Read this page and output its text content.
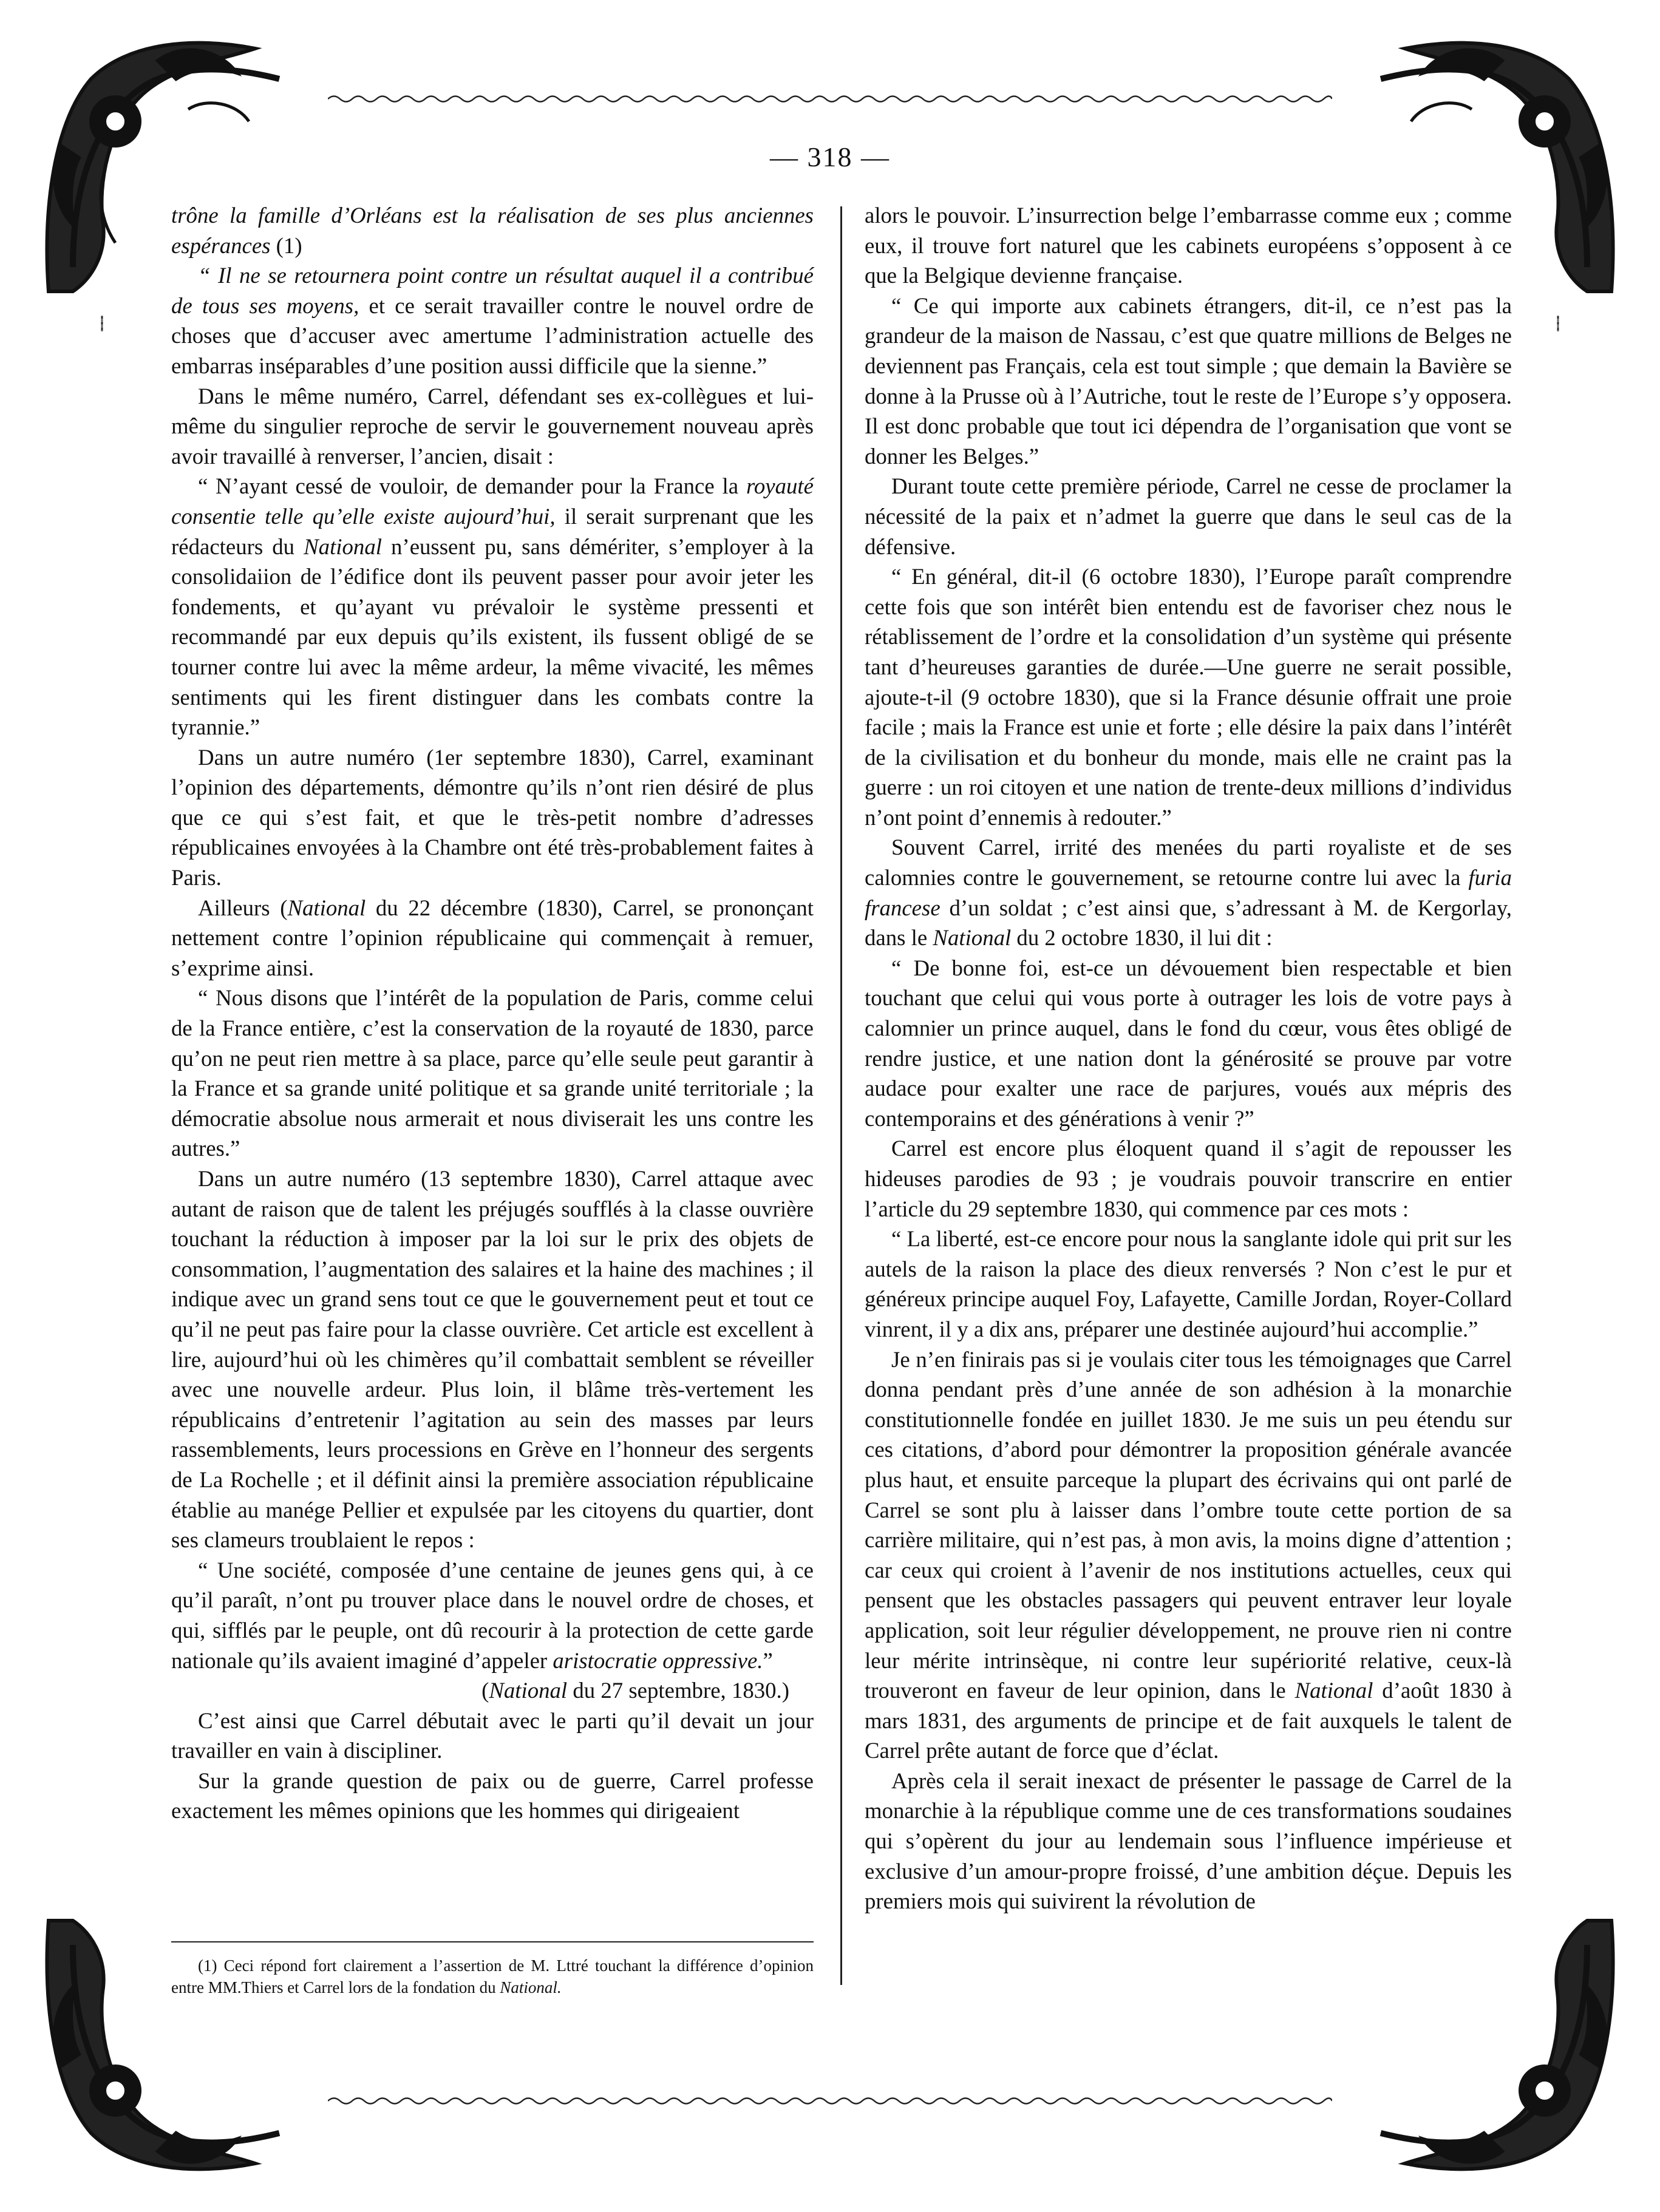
— 318 —

trône la famille d’Orléans est la réalisation de ses plus anciennes espérances (1)

“ Il ne se retournera point contre un résultat auquel il a contribué de tous ses moyens, et ce serait travailler contre le nouvel ordre de choses que d’accuser avec amertume l’administration actuelle des embarras inséparables d’une position aussi difficile que la sienne.”

Dans le même numéro, Carrel, défendant ses ex-collègues et lui-même du singulier reproche de servir le gouvernement nouveau après avoir travaillé à renverser, l’ancien, disait :

“ N’ayant cessé de vouloir, de demander pour la France la royauté consentie telle qu’elle existe aujourd’hui, il serait surprenant que les rédacteurs du National n’eussent pu, sans démériter, s’employer à la consolidaiion de l’édifice dont ils peuvent passer pour avoir jeter les fondements, et qu’ayant vu prévaloir le système pressenti et recommandé par eux depuis qu’ils existent, ils fussent obligé de se tourner contre lui avec la même ardeur, la même vivacité, les mêmes sentiments qui les firent distinguer dans les combats contre la tyrannie.”

Dans un autre numéro (1er septembre 1830), Carrel, examinant l’opinion des départements, démontre qu’ils n’ont rien désiré de plus que ce qui s’est fait, et que le très-petit nombre d’adresses républicaines envoyées à la Chambre ont été très-probablement faites à Paris.

Ailleurs (National du 22 décembre (1830), Carrel, se prononçant nettement contre l’opinion républicaine qui commençait à remuer, s’exprime ainsi.

“ Nous disons que l’intérêt de la population de Paris, comme celui de la France entière, c’est la conservation de la royauté de 1830, parce qu’on ne peut rien mettre à sa place, parce qu’elle seule peut garantir à la France et sa grande unité politique et sa grande unité territoriale ; la démocratie absolue nous armerait et nous diviserait les uns contre les autres.”

Dans un autre numéro (13 septembre 1830), Carrel attaque avec autant de raison que de talent les préjugés soufflés à la classe ouvrière touchant la réduction à imposer par la loi sur le prix des objets de consommation, l’augmentation des salaires et la haine des machines ; il indique avec un grand sens tout ce que le gouvernement peut et tout ce qu’il ne peut pas faire pour la classe ouvrière. Cet article est excellent à lire, aujourd’hui où les chimères qu’il combattait semblent se réveiller avec une nouvelle ardeur. Plus loin, il blâme très-vertement les républicains d’entretenir l’agitation au sein des masses par leurs rassemblements, leurs processions en Grève en l’honneur des sergents de La Rochelle ; et il définit ainsi la première association républicaine établie au manége Pellier et expulsée par les citoyens du quartier, dont ses clameurs troublaient le repos :

“ Une société, composée d’une centaine de jeunes gens qui, à ce qu’il paraît, n’ont pu trouver place dans le nouvel ordre de choses, et qui, sifflés par le peuple, ont dû recourir à la protection de cette garde nationale qu’ils avaient imaginé d’appeler aristocratie oppressive.”

(National du 27 septembre, 1830.)

C’est ainsi que Carrel débutait avec le parti qu’il devait un jour travailler en vain à discipliner.

Sur la grande question de paix ou de guerre, Carrel professe exactement les mêmes opinions que les hommes qui dirigeaient

alors le pouvoir. L’insurrection belge l’embarrasse comme eux ; comme eux, il trouve fort naturel que les cabinets européens s’opposent à ce que la Belgique devienne française.

“ Ce qui importe aux cabinets étrangers, dit-il, ce n’est pas la grandeur de la maison de Nassau, c’est que quatre millions de Belges ne deviennent pas Français, cela est tout simple ; que demain la Bavière se donne à la Prusse où à l’Autriche, tout le reste de l’Europe s’y opposera. Il est donc probable que tout ici dépendra de l’organisation que vont se donner les Belges.”

Durant toute cette première période, Carrel ne cesse de proclamer la nécessité de la paix et n’admet la guerre que dans le seul cas de la défensive.

“ En général, dit-il (6 octobre 1830), l’Europe paraît comprendre cette fois que son intérêt bien entendu est de favoriser chez nous le rétablissement de l’ordre et la consolidation d’un système qui présente tant d’heureuses garanties de durée.—Une guerre ne serait possible, ajoute-t-il (9 octobre 1830), que si la France désunie offrait une proie facile ; mais la France est unie et forte ; elle désire la paix dans l’intérêt de la civilisation et du bonheur du monde, mais elle ne craint pas la guerre : un roi citoyen et une nation de trente-deux millions d’individus n’ont point d’ennemis à redouter.”

Souvent Carrel, irrité des menées du parti royaliste et de ses calomnies contre le gouvernement, se retourne contre lui avec la furia francese d’un soldat ; c’est ainsi que, s’adressant à M. de Kergorlay, dans le National du 2 octobre 1830, il lui dit :

“ De bonne foi, est-ce un dévouement bien respectable et bien touchant que celui qui vous porte à outrager les lois de votre pays à calomnier un prince auquel, dans le fond du cœur, vous êtes obligé de rendre justice, et une nation dont la générosité se prouve par votre audace pour exalter une race de parjures, voués aux mépris des contemporains et des générations à venir ?”

Carrel est encore plus éloquent quand il s’agit de repousser les hideuses parodies de 93 ; je voudrais pouvoir transcrire en entier l’article du 29 septembre 1830, qui commence par ces mots :

“ La liberté, est-ce encore pour nous la sanglante idole qui prit sur les autels de la raison la place des dieux renversés ? Non c’est le pur et généreux principe auquel Foy, Lafayette, Camille Jordan, Royer-Collard vinrent, il y a dix ans, préparer une destinée aujourd’hui accomplie.”

Je n’en finirais pas si je voulais citer tous les témoignages que Carrel donna pendant près d’une année de son adhésion à la monarchie constitutionnelle fondée en juillet 1830. Je me suis un peu étendu sur ces citations, d’abord pour démontrer la proposition générale avancée plus haut, et ensuite parceque la plupart des écrivains qui ont parlé de Carrel se sont plu à laisser dans l’ombre toute cette portion de sa carrière militaire, qui n’est pas, à mon avis, la moins digne d’attention ; car ceux qui croient à l’avenir de nos institutions actuelles, ceux qui pensent que les obstacles passagers qui peuvent entraver leur loyale application, soit leur régulier développement, ne prouve rien ni contre leur mérite intrinsèque, ni contre leur supériorité relative, ceux-là trouveront en faveur de leur opinion, dans le National d’août 1830 à mars 1831, des arguments de principe et de fait auxquels le talent de Carrel prête autant de force que d’éclat.

Après cela il serait inexact de présenter le passage de Carrel de la monarchie à la république comme une de ces transformations soudaines qui s’opèrent du jour au lendemain sous l’influence impérieuse et exclusive d’un amour-propre froissé, d’une ambition déçue. Depuis les premiers mois qui suivirent la révolution de

(1) Ceci répond fort clairement a l’assertion de M. Lttré touchant la différence d’opinion entre MM.Thiers et Carrel lors de la fondation du National.
